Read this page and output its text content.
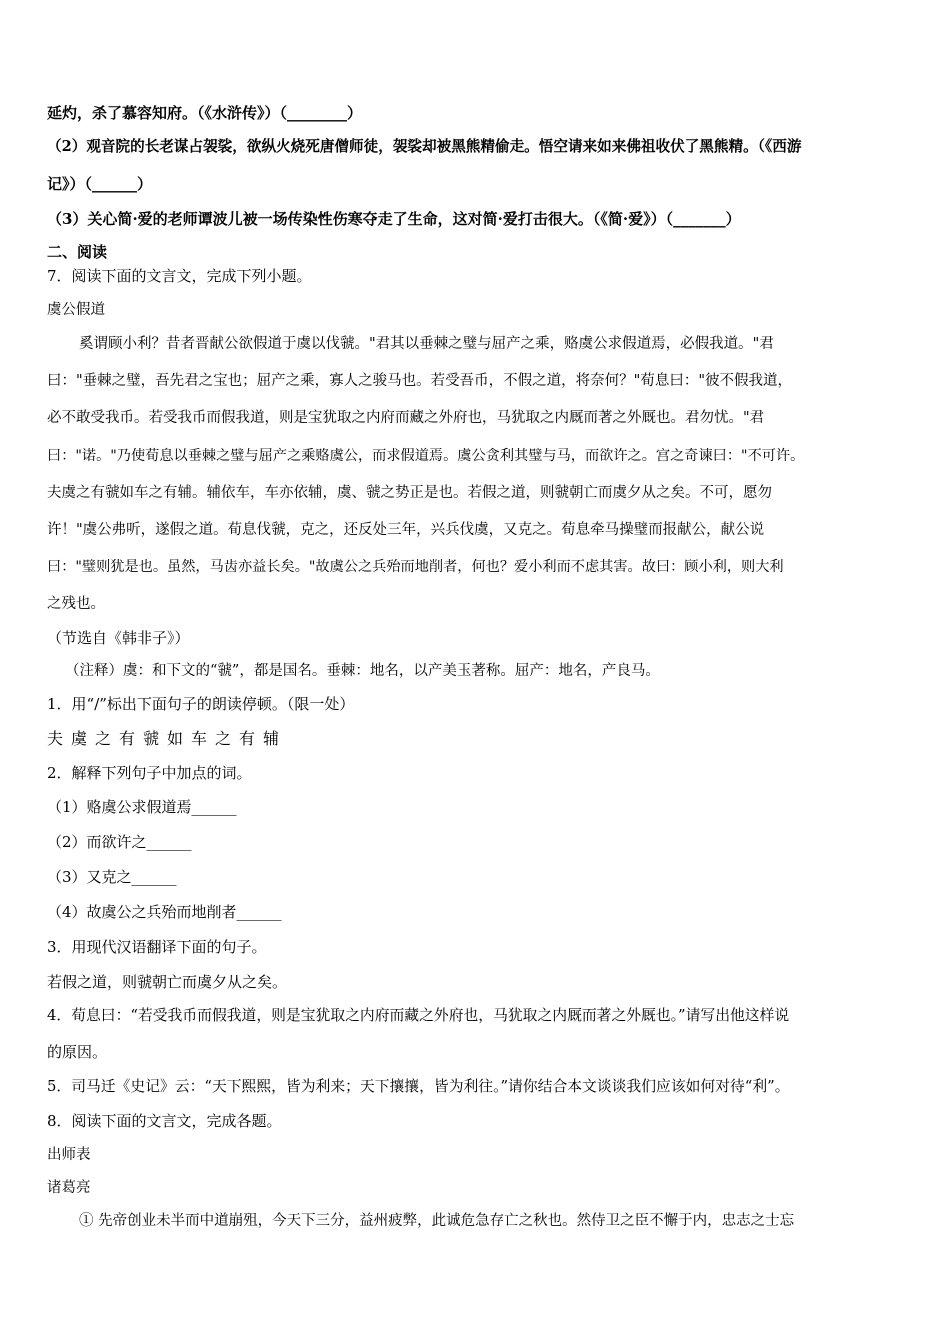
延灼，杀了慕容知府。（《水浒传》）（________）
（2）观音院的长老谋占袈裟，欲纵火烧死唐僧师徒，袈裟却被黑熊精偷走。悟空请来如来佛祖收伏了黑熊精。（《西游
记》）（______）
（3）关心简·爱的老师谭波儿被一场传染性伤寒夺走了生命，这对简·爱打击很大。（《简·爱》）（_______）
二、阅读
7．阅读下面的文言文，完成下列小题。
虞公假道
奚谓顾小利？昔者晋献公欲假道于虞以伐虢。"君其以垂棘之璧与屈产之乘，赂虞公求假道焉，必假我道。"君
曰："垂棘之璧，吾先君之宝也；屈产之乘，寡人之骏马也。若受吾币，不假之道，将奈何？"荀息曰："彼不假我道，
必不敢受我币。若受我币而假我道，则是宝犹取之内府而藏之外府也，马犹取之内厩而著之外厩也。君勿忧。"君
曰："诺。"乃使荀息以垂棘之璧与屈产之乘赂虞公，而求假道焉。虞公贪利其璧与马，而欲许之。宫之奇谏曰："不可许。
夫虞之有虢如车之有辅。辅依车，车亦依辅，虞、虢之势正是也。若假之道，则虢朝亡而虞夕从之矣。不可，愿勿
许！"虞公弗听，遂假之道。荀息伐虢，克之，还反处三年，兴兵伐虞，又克之。荀息牵马操璧而报献公，献公说
曰："璧则犹是也。虽然，马齿亦益长矣。"故虞公之兵殆而地削者，何也？爱小利而不虑其害。故曰：顾小利，则大利
之残也。
（节选自《韩非子》）
（注释）虞：和下文的“虢”，都是国名。垂棘：地名，以产美玉著称。屈产：地名，产良马。
1．用“/”标出下面句子的朗读停顿。（限一处）
夫 虞 之 有 虢 如 车 之 有 辅
2．解释下列句子中加点的词。
（1）赂虞公求假道焉______
（2）而欲许之______
（3）又克之______
（4）故虞公之兵殆而地削者______
3．用现代汉语翻译下面的句子。
若假之道，则虢朝亡而虞夕从之矣。
4．荀息曰：“若受我币而假我道，则是宝犹取之内府而藏之外府也，马犹取之内厩而著之外厩也。”请写出他这样说
的原因。
5．司马迁《史记》云：“天下熙熙，皆为利来；天下攘攘，皆为利往。”请你结合本文谈谈我们应该如何对待“利”。
8．阅读下面的文言文，完成各题。
出师表
诸葛亮
① 先帝创业未半而中道崩殂，今天下三分，益州疲弊，此诚危急存亡之秋也。然侍卫之臣不懈于内，忠志之士忘
